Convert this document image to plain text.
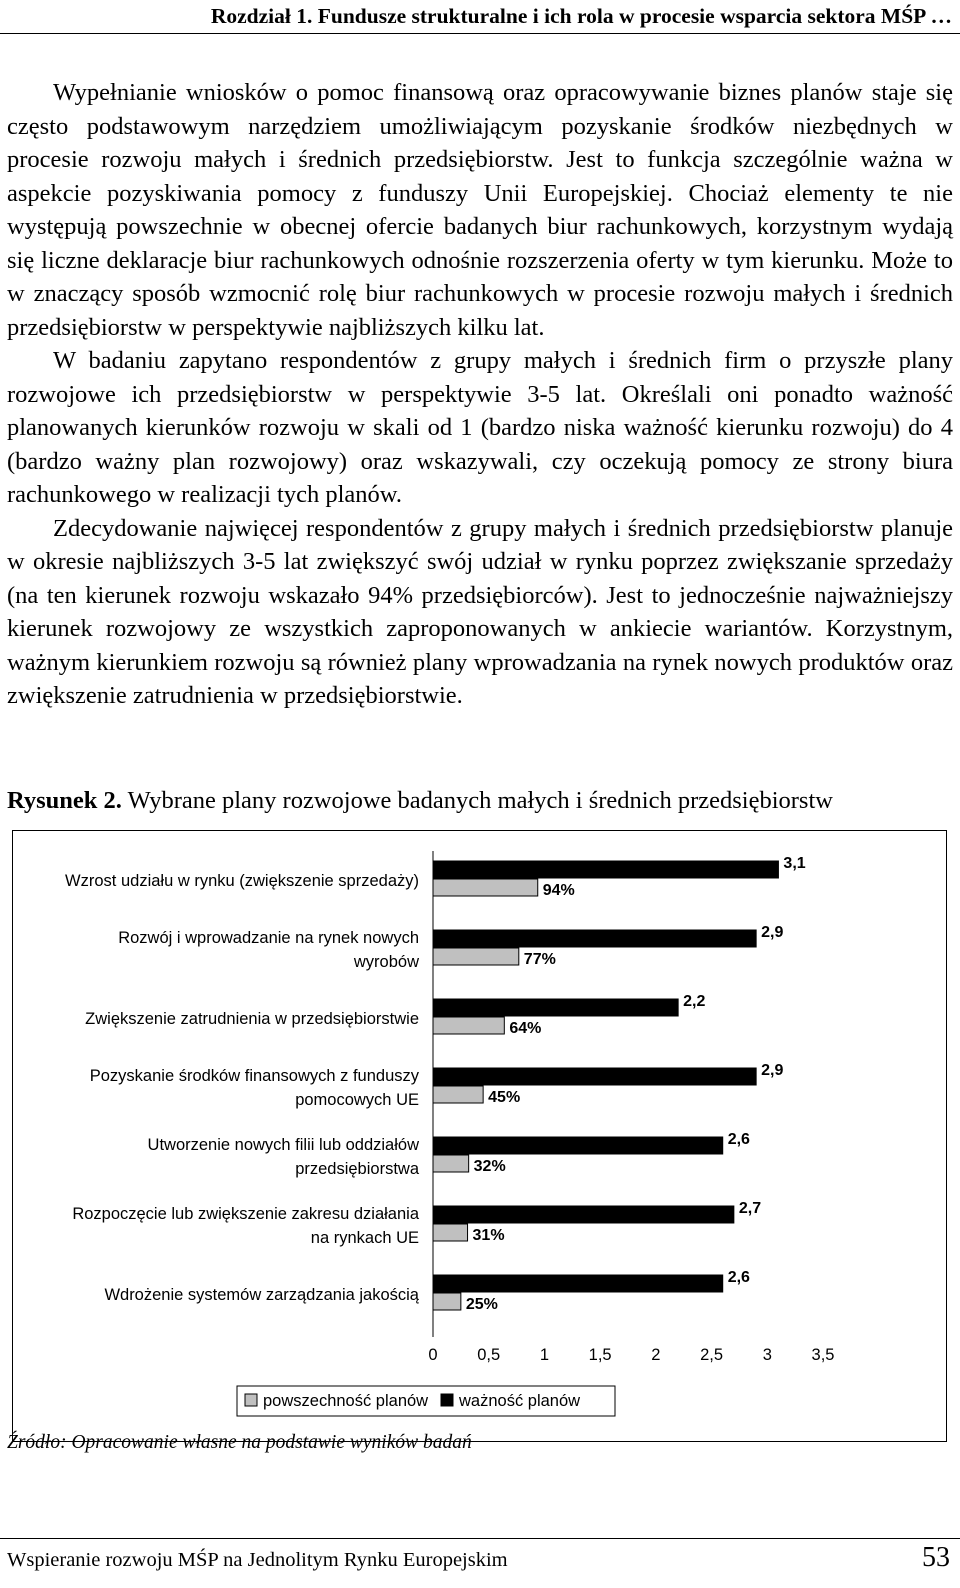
Rozdział 1. Fundusze strukturalne i ich rola w procesie wsparcia sektora MŚP …

Wypełnianie wniosków o pomoc finansową oraz opracowywanie biznes planów staje się często podstawowym narzędziem umożliwiającym pozyskanie środków niezbędnych w procesie rozwoju małych i średnich przedsiębiorstw. Jest to funkcja szczególnie ważna w aspekcie pozyskiwania pomocy z funduszy Unii Europejskiej. Chociaż elementy te nie występują powszechnie w obecnej ofercie badanych biur rachunkowych, korzystnym wydają się liczne deklaracje biur rachunkowych odnośnie rozszerzenia oferty w tym kierunku. Może to w znaczący sposób wzmocnić rolę biur rachunkowych w procesie rozwoju małych i średnich przedsiębiorstw w perspektywie najbliższych kilku lat.

W badaniu zapytano respondentów z grupy małych i średnich firm o przyszłe plany rozwojowe ich przedsiębiorstw w perspektywie 3-5 lat. Określali oni ponadto ważność planowanych kierunków rozwoju w skali od 1 (bardzo niska ważność kierunku rozwoju) do 4 (bardzo ważny plan rozwojowy) oraz wskazywali, czy oczekują pomocy ze strony biura rachunkowego w realizacji tych planów.

Zdecydowanie najwięcej respondentów z grupy małych i średnich przedsiębiorstw planuje w okresie najbliższych 3-5 lat zwiększyć swój udział w rynku poprzez zwiększanie sprzedaży (na ten kierunek rozwoju wskazało 94% przedsiębiorców). Jest to jednocześnie najważniejszy kierunek rozwojowy ze wszystkich zaproponowanych w ankiecie wariantów. Korzystnym, ważnym kierunkiem rozwoju są również plany wprowadzania na rynek nowych produktów oraz zwiększenie zatrudnienia w przedsiębiorstwie.

Rysunek 2. Wybrane plany rozwojowe badanych małych i średnich przedsiębiorstw
Wzrost udziału w rynku (zwiększenie sprzedaży)
Rozwój i wprowadzanie na rynek nowych
wyrobów
Zwiększenie zatrudnienia w przedsiębiorstwie
Pozyskanie środków finansowych z funduszy
pomocowych UE
Utworzenie nowych filii lub oddziałów
przedsiębiorstwa
Rozpoczęcie lub zwiększenie zakresu działania
na rynkach UE
Wdrożenie systemów zarządzania jakością
3,1
94%
2,9
77%
2,2
64%
2,9
45%
2,6
32%
2,7
31%
2,6
25%
0 0,5 1 1,5 2 2,5 3 3,5
powszechność planów ważność planów
Źródło: Opracowanie własne na podstawie wyników badań
Wspieranie rozwoju MŚP na Jednolitym Rynku Europejskim	53
